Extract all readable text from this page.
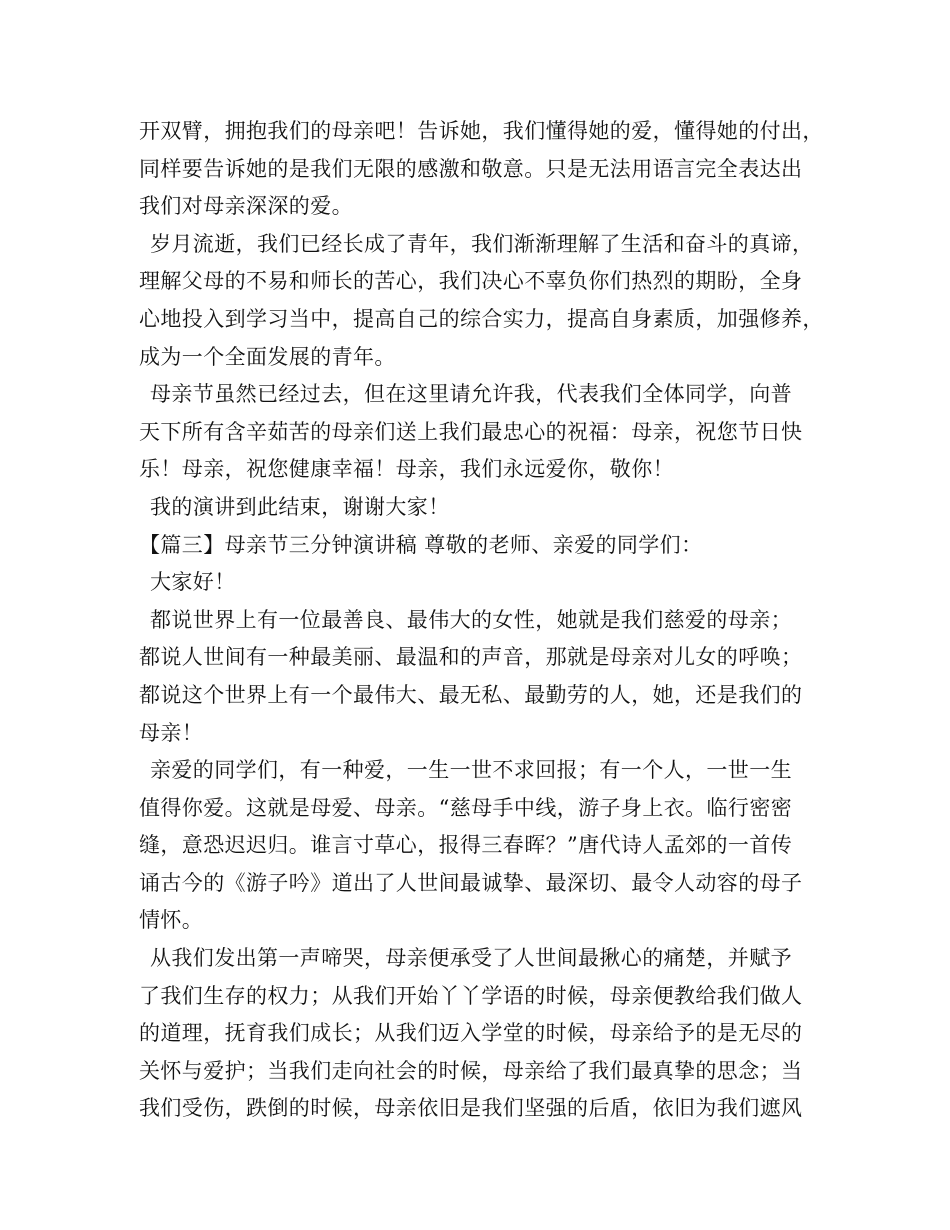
开双臂，拥抱我们的母亲吧！告诉她，我们懂得她的爱，懂得她的付出，
同样要告诉她的是我们无限的感激和敬意。只是无法用语言完全表达出
我们对母亲深深的爱。
岁月流逝，我们已经长成了青年，我们渐渐理解了生活和奋斗的真谛，
理解父母的不易和师长的苦心，我们决心不辜负你们热烈的期盼，全身
心地投入到学习当中，提高自己的综合实力，提高自身素质，加强修养，
成为一个全面发展的青年。
母亲节虽然已经过去，但在这里请允许我，代表我们全体同学，向普
天下所有含辛茹苦的母亲们送上我们最忠心的祝福：母亲，祝您节日快
乐！母亲，祝您健康幸福！母亲，我们永远爱你，敬你！
我的演讲到此结束，谢谢大家！
【篇三】母亲节三分钟演讲稿 尊敬的老师、亲爱的同学们：
大家好！
都说世界上有一位最善良、最伟大的女性，她就是我们慈爱的母亲；
都说人世间有一种最美丽、最温和的声音，那就是母亲对儿女的呼唤；
都说这个世界上有一个最伟大、最无私、最勤劳的人，她，还是我们的
母亲！
亲爱的同学们，有一种爱，一生一世不求回报；有一个人，一世一生
值得你爱。这就是母爱、母亲。“慈母手中线，游子身上衣。临行密密
缝，意恐迟迟归。谁言寸草心，报得三春晖？”唐代诗人孟郊的一首传
诵古今的《游子吟》道出了人世间最诚挚、最深切、最令人动容的母子
情怀。
从我们发出第一声啼哭，母亲便承受了人世间最揪心的痛楚，并赋予
了我们生存的权力；从我们开始丫丫学语的时候，母亲便教给我们做人
的道理，抚育我们成长；从我们迈入学堂的时候，母亲给予的是无尽的
关怀与爱护；当我们走向社会的时候，母亲给了我们最真挚的思念；当
我们受伤，跌倒的时候，母亲依旧是我们坚强的后盾，依旧为我们遮风
